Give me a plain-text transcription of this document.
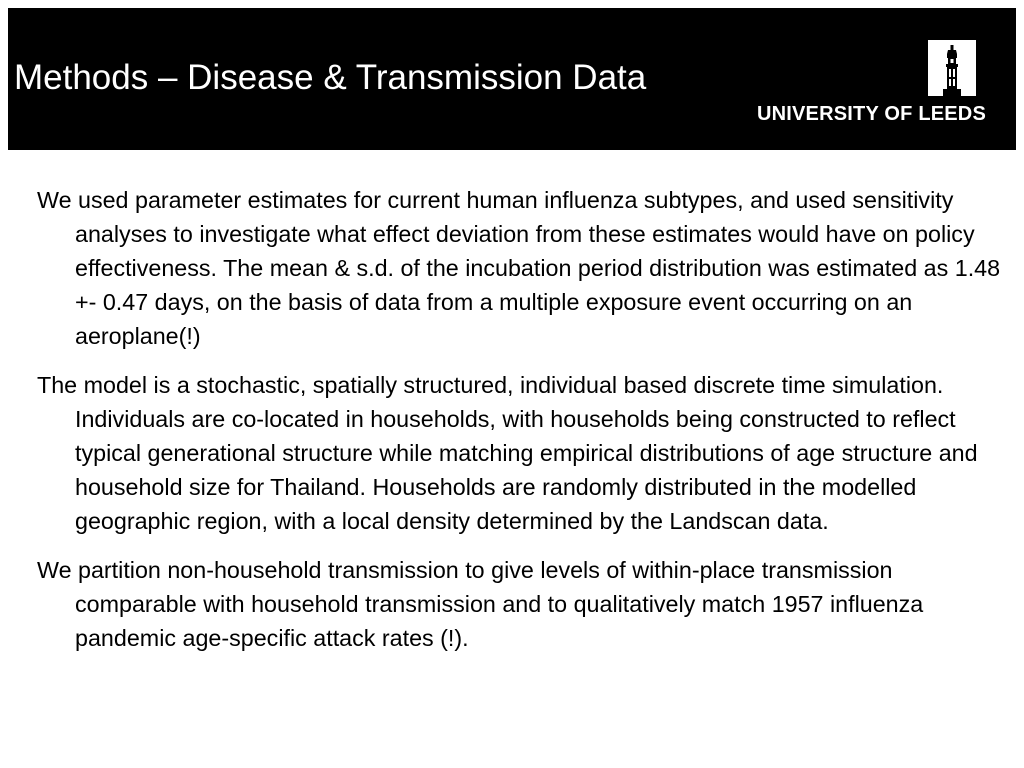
Methods – Disease & Transmission Data
UNIVERSITY OF LEEDS

We used parameter estimates for current human influenza subtypes, and used sensitivity analyses to investigate what effect deviation from these estimates would have on policy effectiveness. The mean & s.d. of the incubation period distribution was estimated as 1.48 +- 0.47 days, on the basis of data from a multiple exposure event occurring on an aeroplane(!)

The model is a stochastic, spatially structured, individual based discrete time simulation. Individuals are co-located in households, with households being constructed to reflect typical generational structure while matching empirical distributions of age structure and household size for Thailand. Households are randomly distributed in the modelled geographic region, with a local density determined by the Landscan data.

We partition non-household transmission to give levels of within-place transmission comparable with household transmission and to qualitatively match 1957 influenza pandemic age-specific attack rates (!).
